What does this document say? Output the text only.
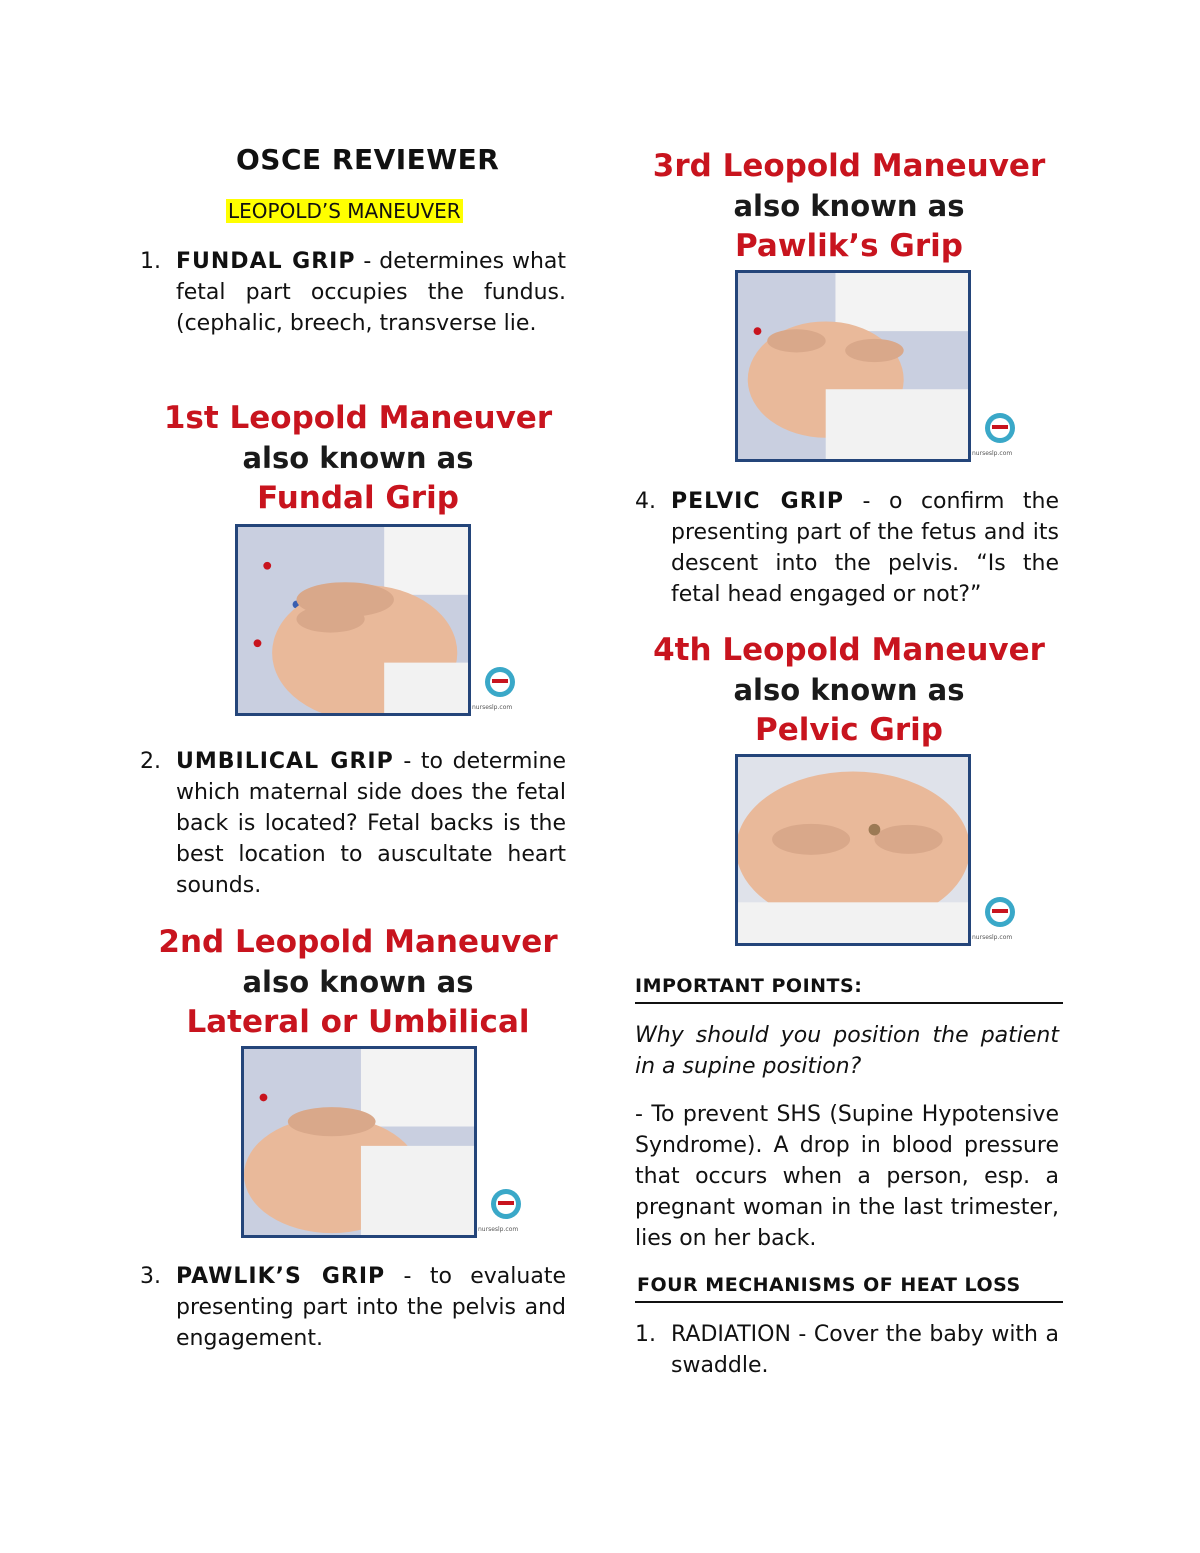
OSCE REVIEWER
LEOPOLD’S MANEUVER
1. FUNDAL GRIP - determines what fetal part occupies the fundus. (cephalic, breech, transverse lie.
1st Leopold Maneuver
also known as
Fundal Grip
nurseslp.com
2. UMBILICAL GRIP - to determine which maternal side does the fetal back is located? Fetal backs is the best location to auscultate heart sounds.
2nd Leopold Maneuver
also known as
Lateral or Umbilical
nurseslp.com
3. PAWLIK’S GRIP - to evaluate presenting part into the pelvis and engagement.
3rd Leopold Maneuver
also known as
Pawlik’s Grip
nurseslp.com
4. PELVIC GRIP - o confirm the presenting part of the fetus and its descent into the pelvis. “Is the fetal head engaged or not?”
4th Leopold Maneuver
also known as
Pelvic Grip
nurseslp.com
IMPORTANT POINTS:
Why should you position the patient in a supine position?
- To prevent SHS (Supine Hypotensive Syndrome). A drop in blood pressure that occurs when a person, esp. a pregnant woman in the last trimester, lies on her back.
FOUR MECHANISMS OF HEAT LOSS
1. RADIATION - Cover the baby with a swaddle.
